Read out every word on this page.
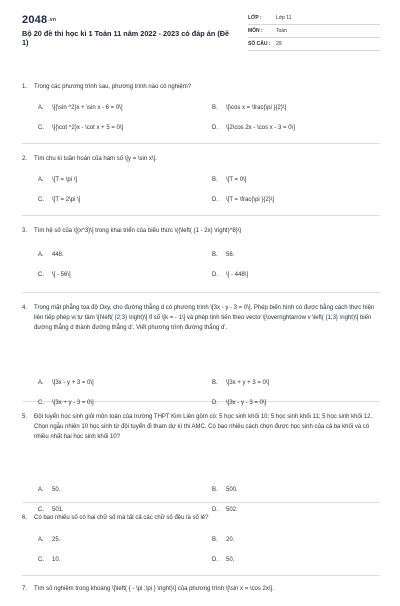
2048.vn
Bộ 20 đề thi học kì 1 Toán 11 năm 2022 - 2023 có đáp án (Đề 1)
LỚP :	Lớp 11
MÔN :	Toán
SỐ CÂU : 29
1. Trong các phương trình sau, phương trình nào có nghiệm?
A. \[{\sin ^2}x + \sin x - 6 = 0\]	B. \[\cos x = \frac{\pi }{2}\]
C. \[{\cot ^2}x - \cot x + 5 = 0\]	D. \[2\cos 2x - \cos x - 3 = 0\]
2. Tìm chu kì tuần hoàn của hàm số \[y = \sin x\].
A. \[T = \pi \]	B. \[T = 0\]
C. \[T = 2\pi \]	D. \[T = \frac{\pi }{2}\]
3. Tìm hệ số của \[{x^3}\] trong khai triển của biểu thức \({\left( {1 - 2x} \right)^8}\)
A. 448.	B. 56.
C. \[ - 56\]	D. \[ - 448\]
4. Trong mặt phẳng tọa độ Oxy, cho đường thẳng d có phương trình \[3x - y - 3 = 0\]. Phép biến hình có được bằng cách thực hiện liên tiếp phép vị tự tâm \[I\left( {2;3} \right)\] tỉ số \[k = - 1\] và phép tịnh tiến theo vectơ \[\overrightarrow v \left( {1;3} \right)\] biến đường thẳng d thành đường thẳng d'. Viết phương trình đường thẳng d'.
A. \[3x - y + 3 = 0\]	B. \[3x + y + 3 = 0\]
C. \[3x + y - 3 = 0\]	D. \[3x - y - 3 = 0\]
5. Đội tuyển học sinh giỏi môn toán của trường THPT Kim Liên gồm có: 5 học sinh khối 10; 5 học sinh khối 11; 5 học sinh khối 12. Chọn ngẫu nhiên 10 học sinh từ đội tuyển đi tham dự kì thi AMC. Có bao nhiêu cách chọn được học sinh của cả ba khối và có nhiều nhất hai học sinh khối 10?
A. 50.	B. 500.
C. 501.	D. 502.
6. Có bao nhiêu số có hai chữ số mà tất cả các chữ số đều là số lẻ?
A. 25.	B. 20.
C. 10.	D. 50.
7. Tìm số nghiệm trong khoảng \[\left( { - \pi ;\pi } \right)\] của phương trình \[\sin x = \cos 2x\].
